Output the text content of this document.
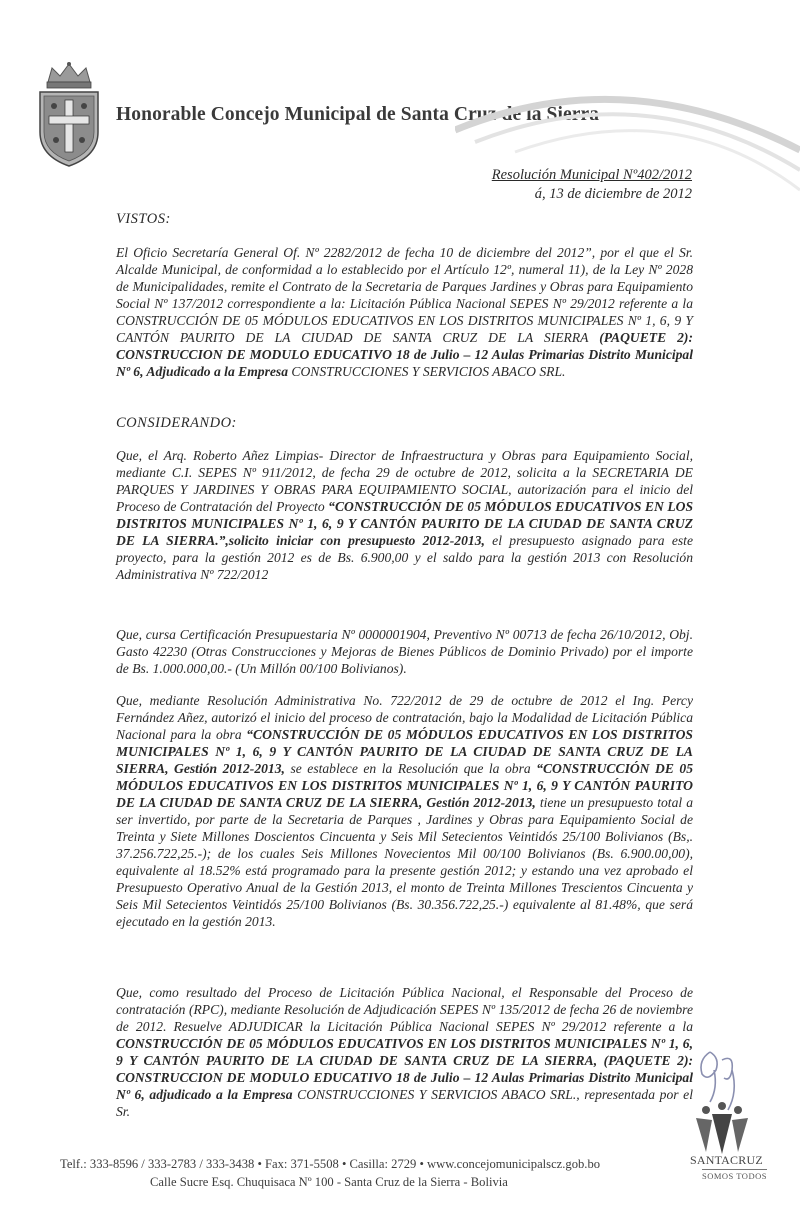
Honorable Concejo Municipal de Santa Cruz de la Sierra
Resolución Municipal Nº402/2012
á, 13 de diciembre de 2012
VISTOS:
El Oficio Secretaría General Of. Nº 2282/2012 de fecha 10 de diciembre del 2012”, por el que el Sr. Alcalde Municipal, de conformidad a lo establecido por el Artículo 12º, numeral 11), de la Ley Nº 2028 de Municipalidades, remite el Contrato de la Secretaria de Parques Jardines y Obras para Equipamiento Social Nº 137/2012 correspondiente a la: Licitación Pública Nacional SEPES Nº 29/2012 referente a la CONSTRUCCIÓN DE 05 MÓDULOS EDUCATIVOS EN LOS DISTRITOS MUNICIPALES Nº 1, 6, 9 Y CANTÓN PAURITO DE LA CIUDAD DE SANTA CRUZ DE LA SIERRA (PAQUETE 2): CONSTRUCCION DE MODULO EDUCATIVO 18 de Julio – 12 Aulas Primarias Distrito Municipal Nº 6, Adjudicado a la Empresa CONSTRUCCIONES Y SERVICIOS ABACO SRL.
CONSIDERANDO:
Que, el Arq. Roberto Añez Limpias- Director de Infraestructura y Obras para Equipamiento Social, mediante C.I. SEPES Nº 911/2012, de fecha 29 de octubre de 2012, solicita a la SECRETARIA DE PARQUES Y JARDINES Y OBRAS PARA EQUIPAMIENTO SOCIAL, autorización para el inicio del Proceso de Contratación del Proyecto “CONSTRUCCIÓN DE 05 MÓDULOS EDUCATIVOS EN LOS DISTRITOS MUNICIPALES Nº 1, 6, 9 Y CANTÓN PAURITO DE LA CIUDAD DE SANTA CRUZ DE LA SIERRA.”,solicito iniciar con presupuesto 2012-2013, el presupuesto asignado para este proyecto, para la gestión 2012 es de Bs. 6.900,00 y el saldo para la gestión 2013 con Resolución Administrativa Nº 722/2012
Que, cursa Certificación Presupuestaria Nº 0000001904, Preventivo Nº 00713 de fecha 26/10/2012, Obj. Gasto 42230 (Otras Construcciones y Mejoras de Bienes Públicos de Dominio Privado) por el importe de Bs. 1.000.000,00.- (Un Millón 00/100 Bolivianos).
Que, mediante Resolución Administrativa No. 722/2012 de 29 de octubre de 2012 el Ing. Percy Fernández Añez, autorizó el inicio del proceso de contratación, bajo la Modalidad de Licitación Pública Nacional para la obra “CONSTRUCCIÓN DE 05 MÓDULOS EDUCATIVOS EN LOS DISTRITOS MUNICIPALES Nº 1, 6, 9 Y CANTÓN PAURITO DE LA CIUDAD DE SANTA CRUZ DE LA SIERRA, Gestión 2012-2013, se establece en la Resolución que la obra “CONSTRUCCIÓN DE 05 MÓDULOS EDUCATIVOS EN LOS DISTRITOS MUNICIPALES Nº 1, 6, 9 Y CANTÓN PAURITO DE LA CIUDAD DE SANTA CRUZ DE LA SIERRA, Gestión 2012-2013, tiene un presupuesto total a ser invertido, por parte de la Secretaria de Parques , Jardines y Obras para Equipamiento Social de Treinta y Siete Millones Doscientos Cincuenta y Seis Mil Setecientos Veintidós 25/100 Bolivianos (Bs,. 37.256.722,25.-); de los cuales Seis Millones Novecientos Mil 00/100 Bolivianos (Bs. 6.900.00,00), equivalente al 18.52% está programado para la presente gestión 2012; y estando una vez aprobado el Presupuesto Operativo Anual de la Gestión 2013, el monto de Treinta Millones Trescientos Cincuenta y Seis Mil Setecientos Veintidós 25/100 Bolivianos (Bs. 30.356.722,25.-) equivalente al 81.48%, que será ejecutado en la gestión 2013.
Que, como resultado del Proceso de Licitación Pública Nacional, el Responsable del Proceso de contratación (RPC), mediante Resolución de Adjudicación SEPES Nº 135/2012 de fecha 26 de noviembre de 2012. Resuelve ADJUDICAR la Licitación Pública Nacional SEPES Nº 29/2012 referente a la CONSTRUCCIÓN DE 05 MÓDULOS EDUCATIVOS EN LOS DISTRITOS MUNICIPALES Nº 1, 6, 9 Y CANTÓN PAURITO DE LA CIUDAD DE SANTA CRUZ DE LA SIERRA, (PAQUETE 2): CONSTRUCCION DE MODULO EDUCATIVO 18 de Julio – 12 Aulas Primarias Distrito Municipal Nº 6, adjudicado a la Empresa CONSTRUCCIONES Y SERVICIOS ABACO SRL., representada por el Sr.
SANTACRUZ
SOMOS TODOS
Telf.: 333-8596 / 333-2783 / 333-3438 • Fax: 371-5508 • Casilla: 2729 • www.concejomunicipalscz.gob.bo
Calle Sucre Esq. Chuquisaca Nº 100 - Santa Cruz de la Sierra - Bolivia
